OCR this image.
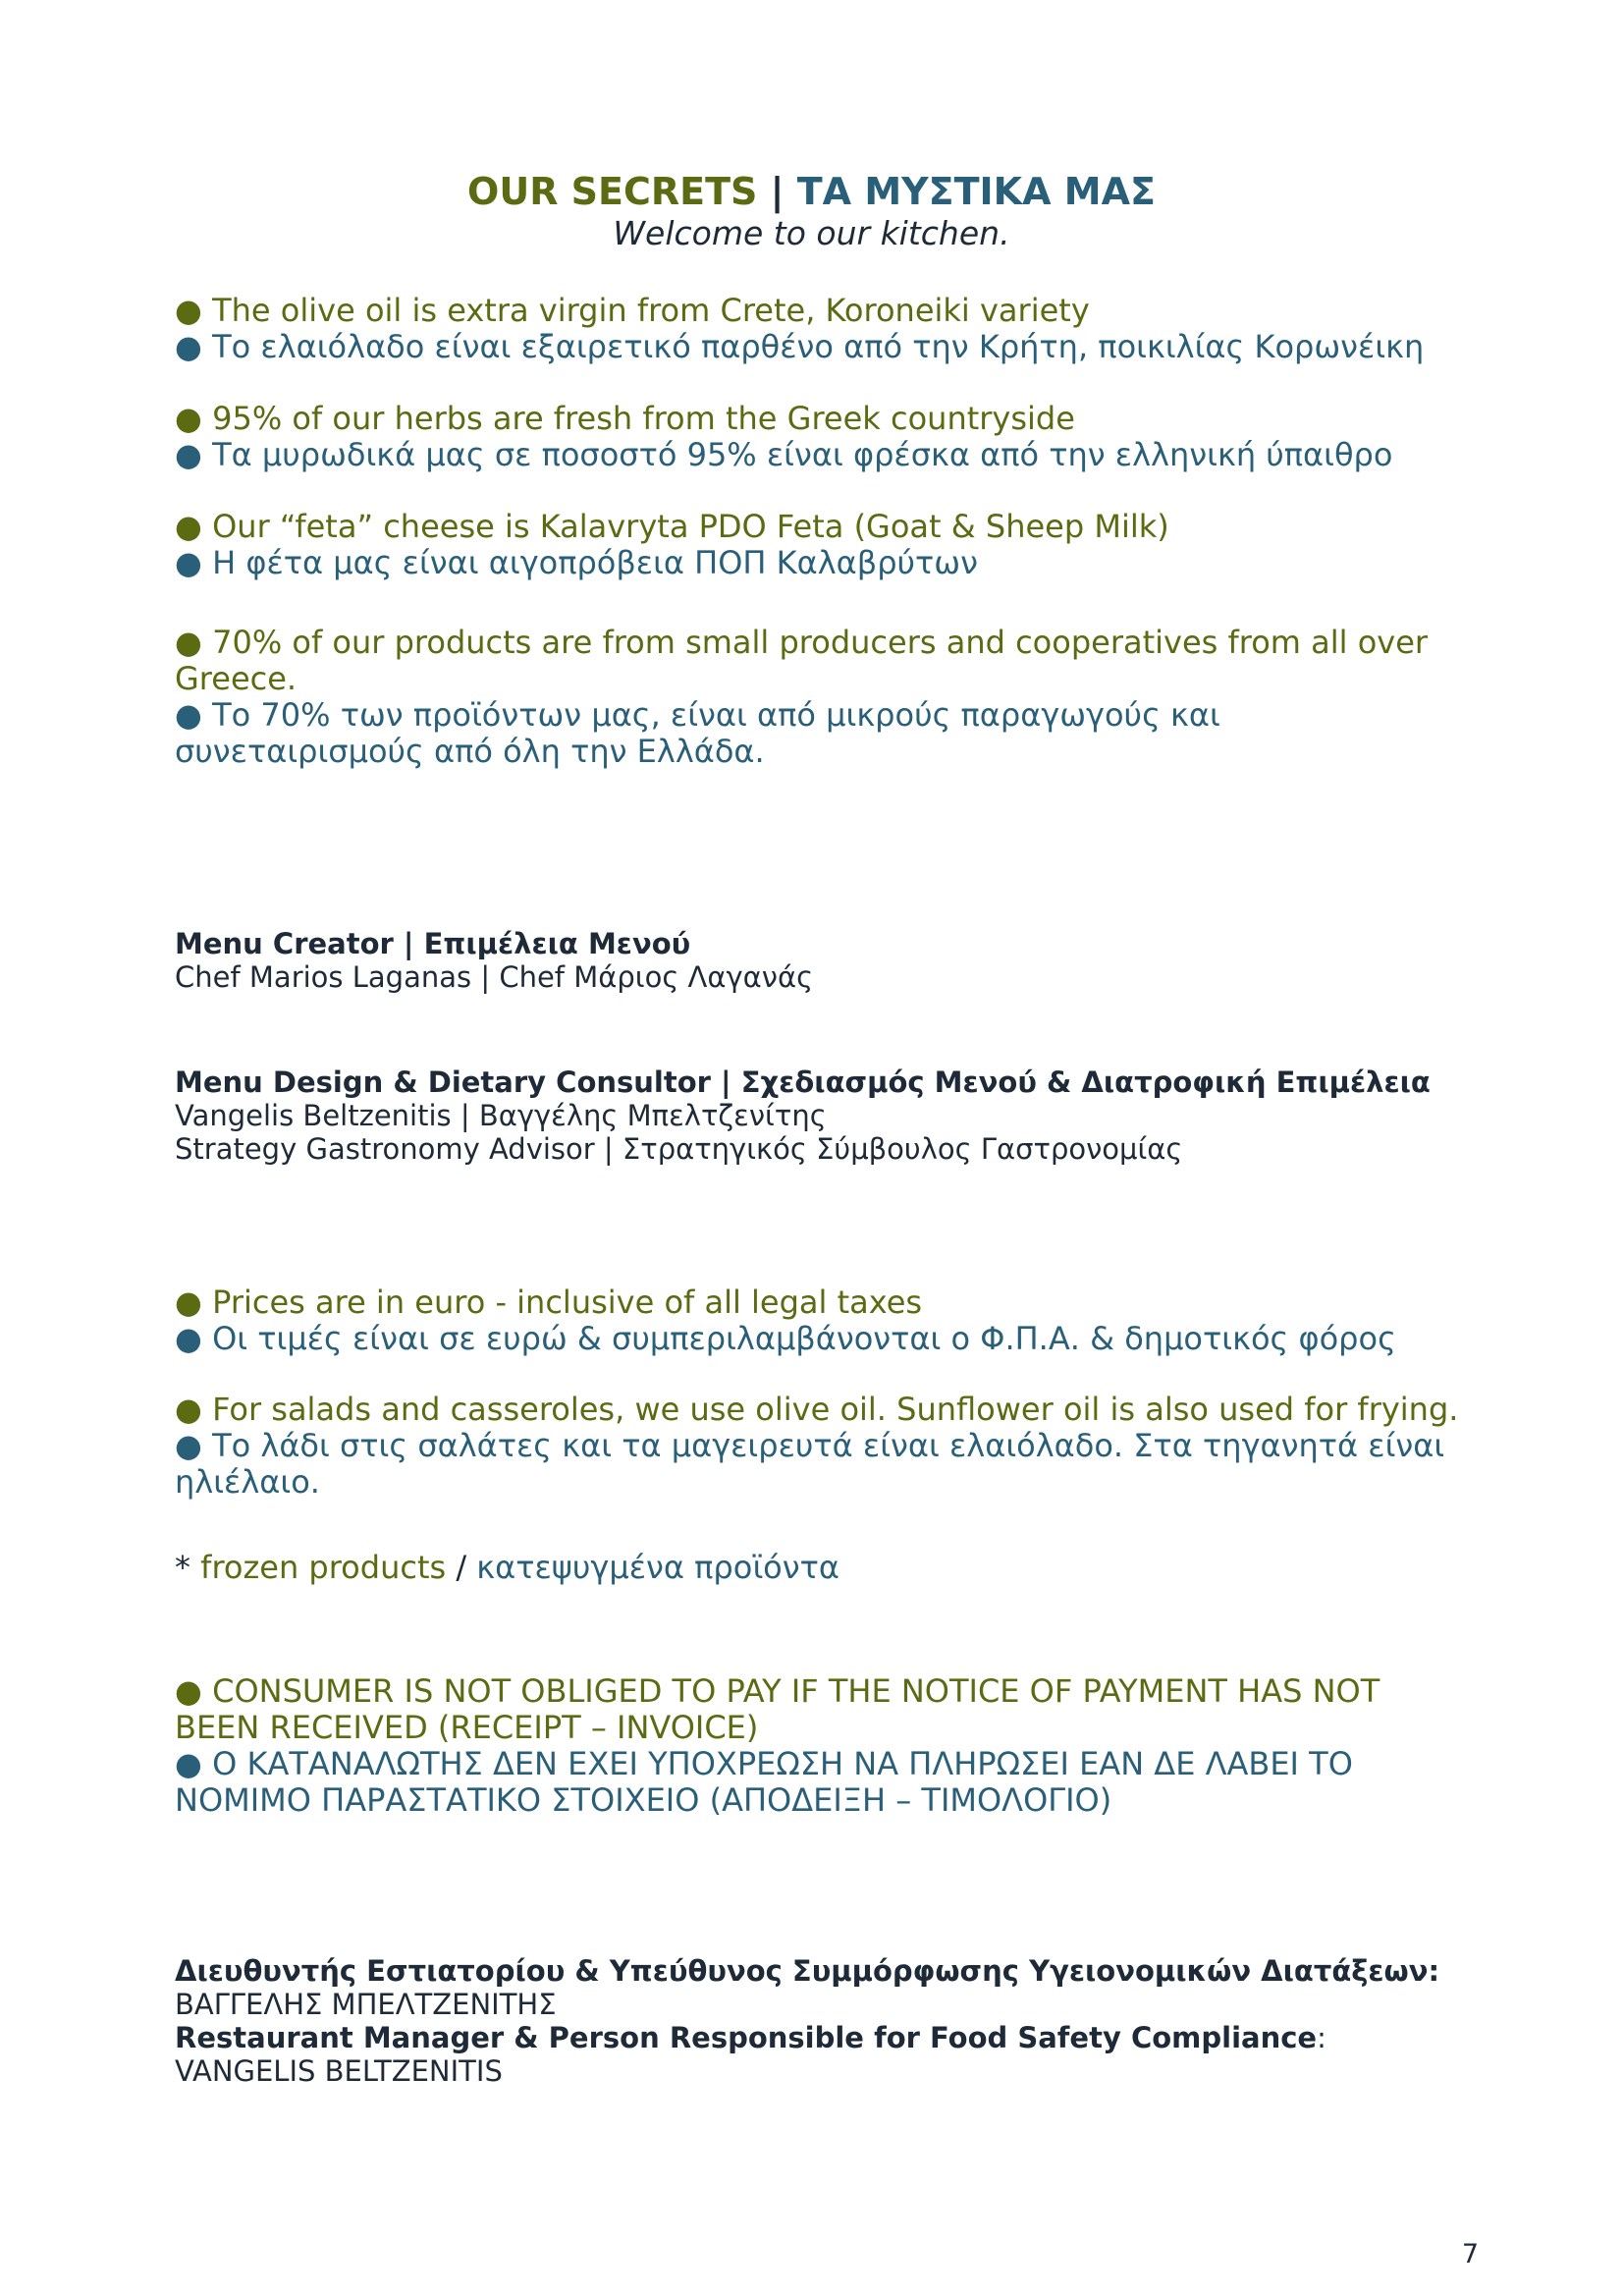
OUR SECRETS | ΤΑ ΜΥΣΤΙΚΑ ΜΑΣ
Welcome to our kitchen.

● The olive oil is extra virgin from Crete, Koroneiki variety

● Το ελαιόλαδο είναι εξαιρετικό παρθένο από την Κρήτη, ποικιλίας Κορωνέικη

● 95% of our herbs are fresh from the Greek countryside

● Τα μυρωδικά μας σε ποσοστό 95% είναι φρέσκα από την ελληνική ύπαιθρο

● Our “feta” cheese is Kalavryta PDO Feta (Goat & Sheep Milk)

● Η φέτα μας είναι αιγοπρόβεια ΠΟΠ Καλαβρύτων

● 70% of our products are from small producers and cooperatives from all over Greece.

● Το 70% των προϊόντων μας, είναι από μικρούς παραγωγούς και συνεταιρισμούς από όλη την Ελλάδα.

Menu Creator | Επιμέλεια Μενού

Chef Marios Laganas | Chef Μάριος Λαγανάς

Menu Design & Dietary Consultor | Σχεδιασμός Μενού & Διατροφική Επιμέλεια

Vangelis Beltzenitis | Βαγγέλης Μπελτζενίτης

Strategy Gastronomy Advisor | Στρατηγικός Σύμβουλος Γαστρονομίας

● Prices are in euro - inclusive of all legal taxes

● Οι τιμές είναι σε ευρώ & συμπεριλαμβάνονται ο Φ.Π.Α. & δημοτικός φόρος

● For salads and casseroles, we use olive oil. Sunflower oil is also used for frying.

● Το λάδι στις σαλάτες και τα μαγειρευτά είναι ελαιόλαδο. Στα τηγανητά είναι ηλιέλαιο.

* frozen products / κατεψυγμένα προϊόντα

● CONSUMER IS NOT OBLIGED TO PAY IF THE NOTICE OF PAYMENT HAS NOT BEEN RECEIVED (RECEIPT – INVOICE)

● Ο ΚΑΤΑΝΑΛΩΤΗΣ ΔΕΝ ΕΧΕΙ ΥΠΟΧΡΕΩΣΗ ΝΑ ΠΛΗΡΩΣΕΙ ΕΑΝ ΔΕ ΛΑΒΕΙ ΤΟ ΝΟΜΙΜΟ ΠΑΡΑΣΤΑΤΙΚΟ ΣΤΟΙΧΕΙΟ (ΑΠΟΔΕΙΞΗ – ΤΙΜΟΛΟΓΙΟ)

Διευθυντής Εστιατορίου & Υπεύθυνος Συμμόρφωσης Υγειονομικών Διατάξεων:

ΒΑΓΓΕΛΗΣ ΜΠΕΛΤΖΕΝΙΤΗΣ

Restaurant Manager & Person Responsible for Food Safety Compliance:

VANGELIS BELTZENITIS

7
